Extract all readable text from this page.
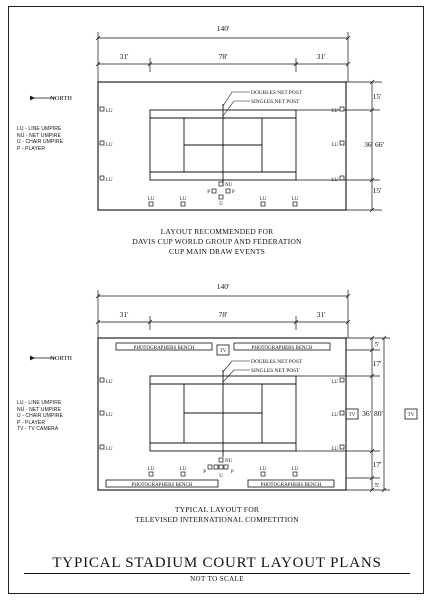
140'
31'	78'	31'
15'
36' 66'
15'
DOUBLES NET POST
SINGLES NET POST
LU
LU
LU
LU
LU
LU
LU	LU	LU	LU
NU
P	P
U
NORTH
140'
31'	78'	31'
5'
17'
36' 80'
17'
5'
PHOTOGRAPHERS BENCH	PHOTOGRAPHERS BENCH
PHOTOGRAPHERS BENCH	PHOTOGRAPHERS BENCH
TV
TV	TV
DOUBLES NET POST
SINGLES NET POST
LU
LU
LU
LU
LU
LU
LU	LU	LU	LU
NU
P	P
U
NORTH
LU - LINE UMPIRE
NU - NET UMPIRE
U - CHAIR UMPIRE
P - PLAYER
LU - LINE UMPIRE
NU - NET UMPIRE
U - CHAIR UMPIRE
P - PLAYER
TV - TV CAMERA
LAYOUT RECOMMENDED FOR
DAVIS CUP WORLD GROUP AND FEDERATION
CUP MAIN DRAW EVENTS
TYPICAL LAYOUT FOR
TELEVISED INTERNATIONAL COMPETITION
TYPICAL STADIUM COURT LAYOUT PLANS
NOT TO SCALE
